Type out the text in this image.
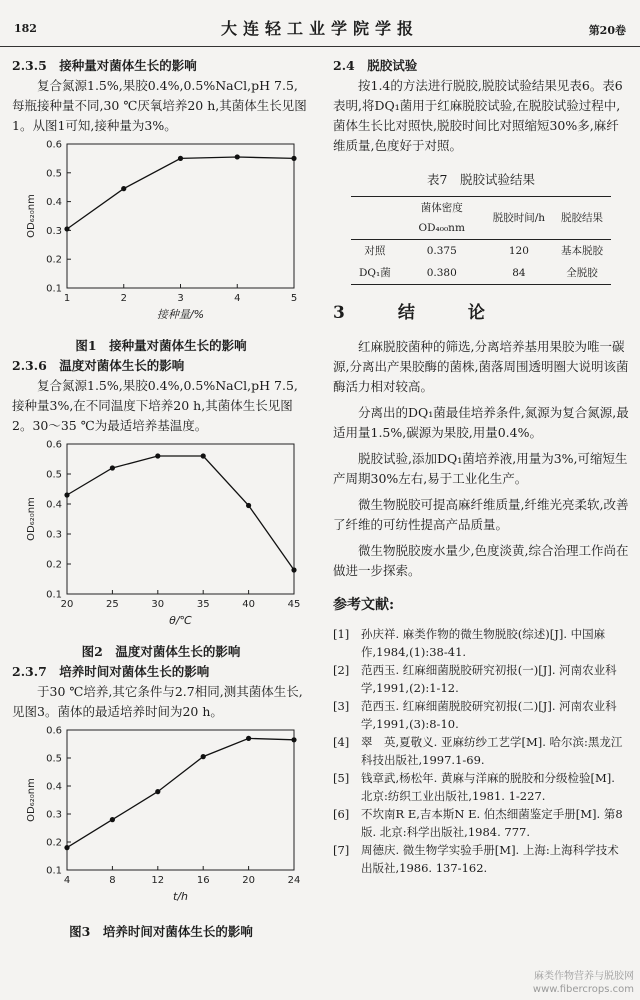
182	大连轻工业学院学报	第20卷

2.3.5　接种量对菌体生长的影响

复合氮源1.5%,果胶0.4%,0.5%NaCl,pH 7.5,每瓶接种量不同,30 ℃厌氧培养20 h,其菌体生长见图1。从图1可知,接种量为3%。

0.1
0.2
0.3
0.4
0.5
0.6
1	2	3	4	5
接种量/%
OD₆₂₀nm

图1　接种量对菌体生长的影响

2.3.6　温度对菌体生长的影响

复合氮源1.5%,果胶0.4%,0.5%NaCl,pH 7.5,接种量3%,在不同温度下培养20 h,其菌体生长见图2。30～35 ℃为最适培养基温度。

0.1
0.2
0.3
0.4
0.5
0.6
20	25	30	35	40	45
θ/℃
OD₆₂₀nm

图2　温度对菌体生长的影响

2.3.7　培养时间对菌体生长的影响

于30 ℃培养,其它条件与2.7相同,测其菌体生长,见图3。菌体的最适培养时间为20 h。

0.1
0.2
0.3
0.4
0.5
0.6
4	8	12	16	20	24
t/h
OD₆₂₀nm

图3　培养时间对菌体生长的影响

2.4　脱胶试验

按1.4的方法进行脱胶,脱胶试验结果见表6。表6表明,将DQ₁菌用于红麻脱胶试验,在脱胶试验过程中,菌体生长比对照快,脱胶时间比对照缩短30%多,麻纤维质量,色度好于对照。

表7　脱胶试验结果

	菌体密度 OD₄₀₀nm	脱胶时间/h	脱胶结果
对照	0.375	120	基本脱胶
DQ₁菌	0.380	84	全脱胶

3　结　论

红麻脱胶菌种的筛选,分离培养基用果胶为唯一碳源,分离出产果胶酶的菌株,菌落周围透明圈大说明该菌酶活力相对较高。

分离出的DQ₁菌最佳培养条件,氮源为复合氮源,最适用量1.5%,碳源为果胶,用量0.4%。

脱胶试验,添加DQ₁菌培养液,用量为3%,可缩短生产周期30%左右,易于工业化生产。

微生物脱胶可提高麻纤维质量,纤维光亮柔软,改善了纤维的可纺性提高产品质量。

微生物脱胶废水量少,色度淡黄,综合治理工作尚在做进一步探索。

参考文献:

[1]	孙庆祥. 麻类作物的微生物脱胶(综述)[J]. 中国麻作,1984,(1):38-41.
[2]	范西玉. 红麻细菌脱胶研究初报(一)[J]. 河南农业科学,1991,(2):1-12.
[3]	范西玉. 红麻细菌脱胶研究初报(二)[J]. 河南农业科学,1991,(3):8-10.
[4]	翠　英,夏敬义. 亚麻纺纱工艺学[M]. 哈尔滨:黑龙江科技出版社,1997.1-69.
[5]	钱章武,杨松年. 黄麻与洋麻的脱胶和分级检验[M]. 北京:纺织工业出版社,1981. 1-227.
[6]	不坎南R E,吉本斯N E. 伯杰细菌鉴定手册[M]. 第8版. 北京:科学出版社,1984. 777.
[7]	周德庆. 微生物学实验手册[M]. 上海:上海科学技术出版社,1986. 137-162.
麻类作物营养与脱胶网
www.fibercrops.com
